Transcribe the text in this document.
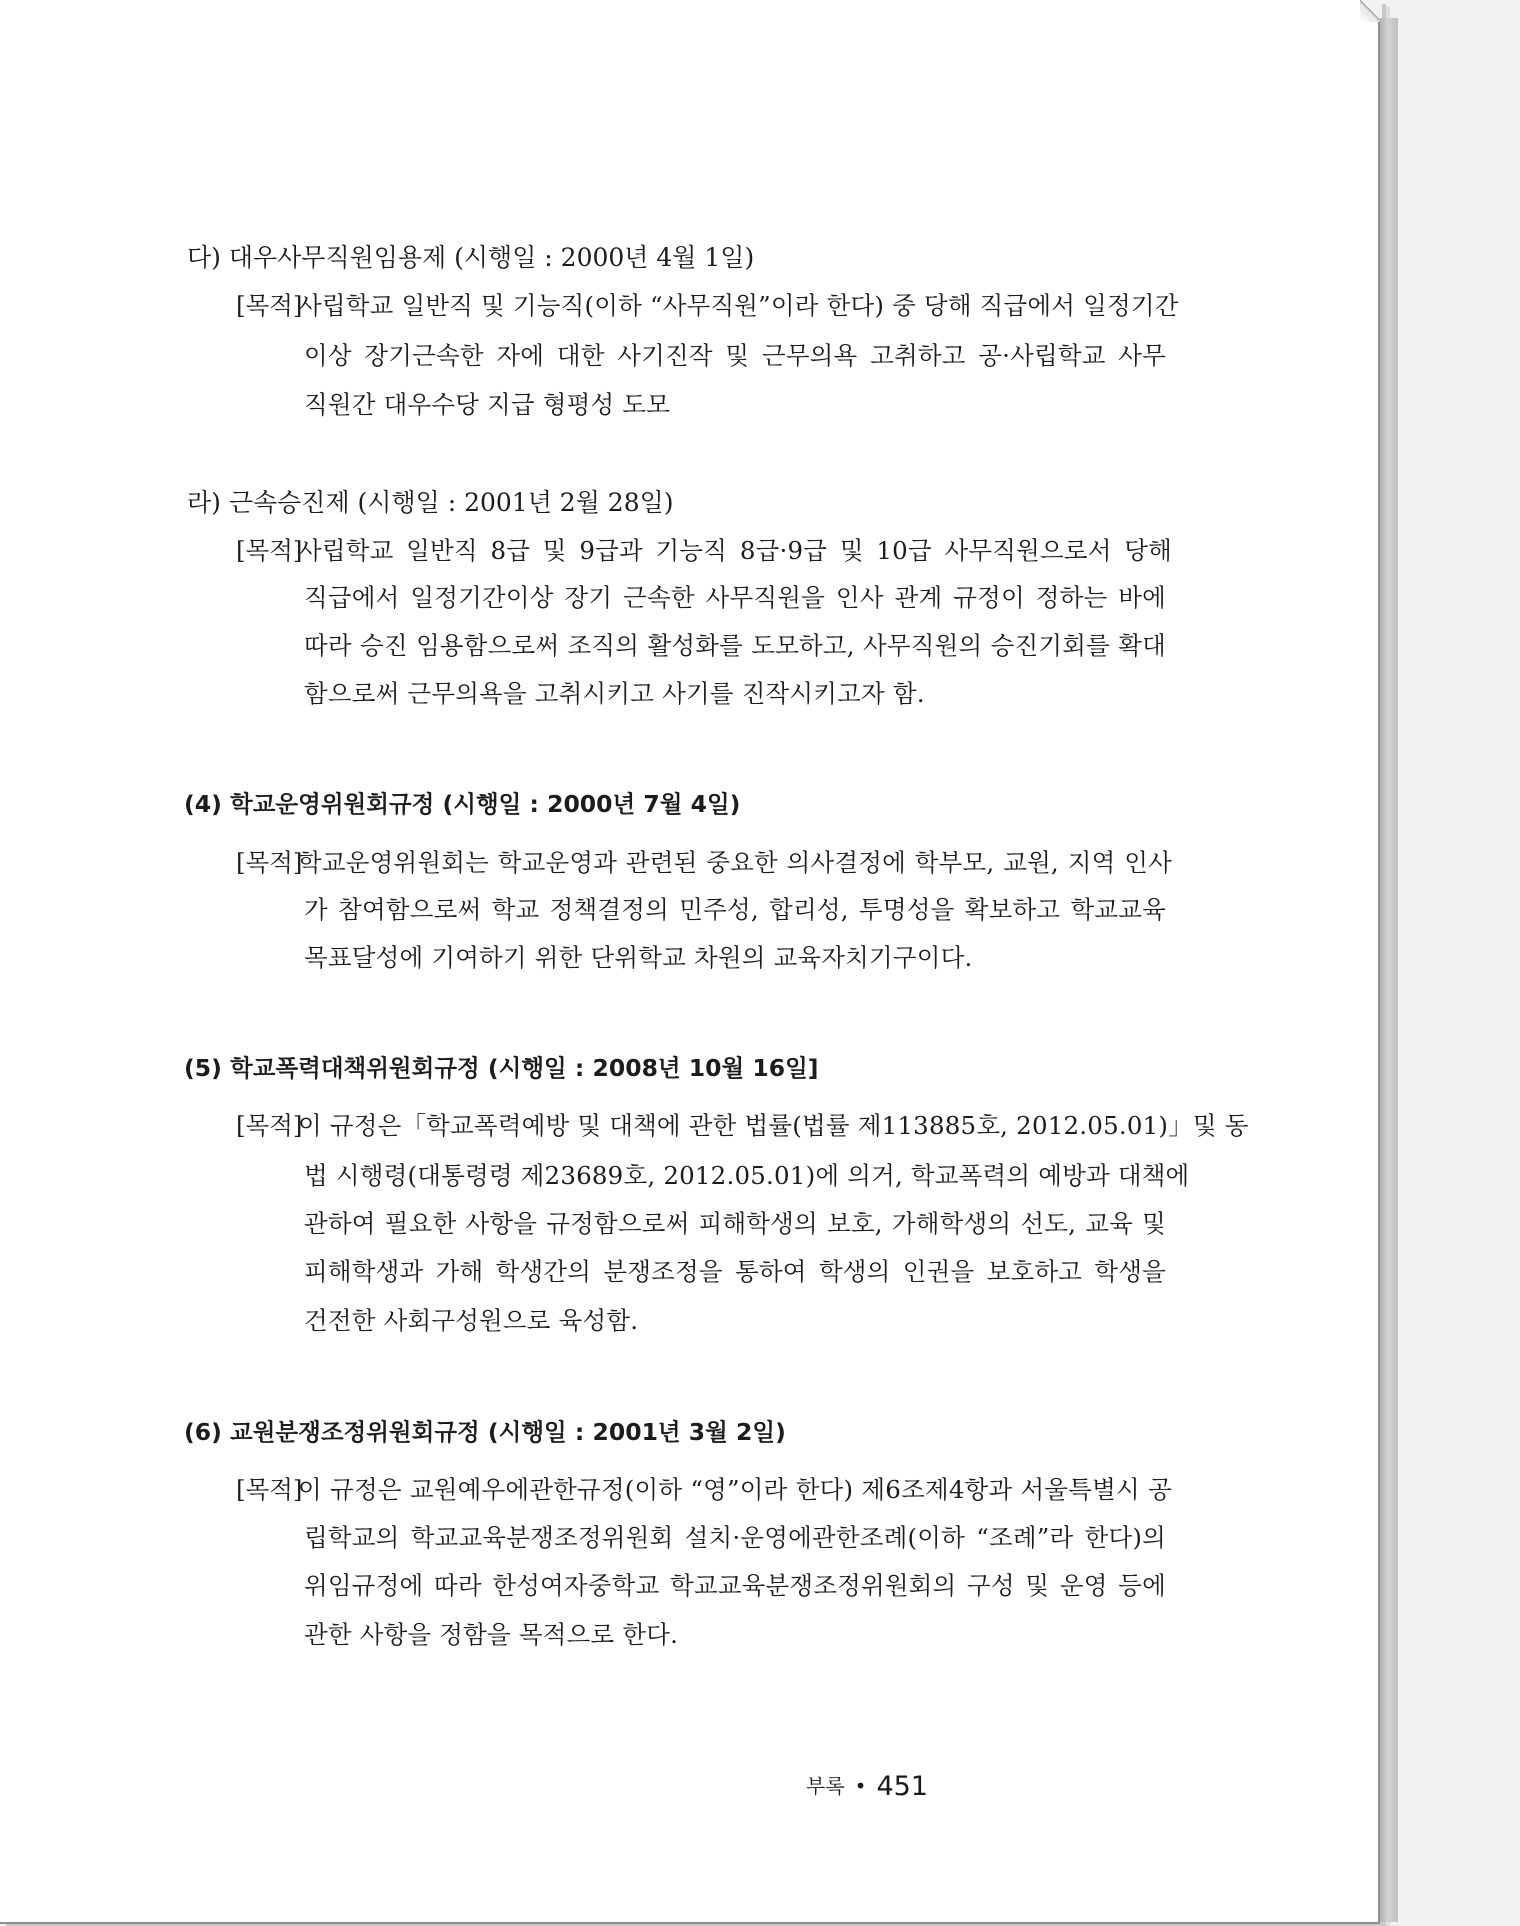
다) 대우사무직원임용제 (시행일 : 2000년 4월 1일)
[목적]
사립학교 일반직 및 기능직(이하 “사무직원”이라 한다) 중 당해 직급에서 일정기간
이상 장기근속한 자에 대한 사기진작 및 근무의욕 고취하고 공·사립학교 사무
직원간 대우수당 지급 형평성 도모
라) 근속승진제 (시행일 : 2001년 2월 28일)
[목적]
사립학교 일반직 8급 및 9급과 기능직 8급·9급 및 10급 사무직원으로서 당해
직급에서 일정기간이상 장기 근속한 사무직원을 인사 관계 규정이 정하는 바에
따라 승진 임용함으로써 조직의 활성화를 도모하고, 사무직원의 승진기회를 확대
함으로써 근무의욕을 고취시키고 사기를 진작시키고자 함.
(4) 학교운영위원회규정 (시행일 : 2000년 7월 4일)
[목적]
학교운영위원회는 학교운영과 관련된 중요한 의사결정에 학부모, 교원, 지역 인사
가 참여함으로써 학교 정책결정의 민주성, 합리성, 투명성을 확보하고 학교교육
목표달성에 기여하기 위한 단위학교 차원의 교육자치기구이다.
(5) 학교폭력대책위원회규정 (시행일 : 2008년 10월 16일]
[목적]
이 규정은「학교폭력예방 및 대책에 관한 법률(법률 제113885호, 2012.05.01)」및 동
법 시행령(대통령령 제23689호, 2012.05.01)에 의거, 학교폭력의 예방과 대책에
관하여 필요한 사항을 규정함으로써 피해학생의 보호, 가해학생의 선도, 교육 및
피해학생과 가해 학생간의 분쟁조정을 통하여 학생의 인권을 보호하고 학생을
건전한 사회구성원으로 육성함.
(6) 교원분쟁조정위원회규정 (시행일 : 2001년 3월 2일)
[목적]
이 규정은 교원예우에관한규정(이하 “영”이라 한다) 제6조제4항과 서울특별시 공
립학교의 학교교육분쟁조정위원회 설치·운영에관한조례(이하 “조례”라 한다)의
위임규정에 따라 한성여자중학교 학교교육분쟁조정위원회의 구성 및 운영 등에
관한 사항을 정함을 목적으로 한다.
부록 • 451
